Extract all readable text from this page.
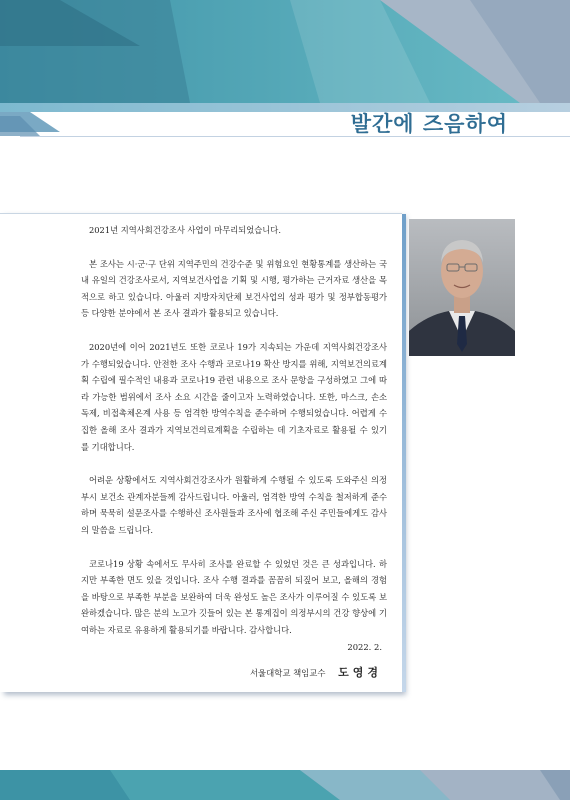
발간에 즈음하여

2021년 지역사회건강조사 사업이 마무리되었습니다.

본 조사는 시·군·구 단위 지역주민의 건강수준 및 위험요인 현황통계를 생산하는 국내 유일의 건강조사로서, 지역보건사업을 기획 및 시행, 평가하는 근거자료 생산을 목적으로 하고 있습니다. 아울러 지방자치단체 보건사업의 성과 평가 및 정부합동평가 등 다양한 분야에서 본 조사 결과가 활용되고 있습니다.

2020년에 이어 2021년도 또한 코로나 19가 지속되는 가운데 지역사회건강조사가 수행되었습니다. 안전한 조사 수행과 코로나19 확산 방지를 위해, 지역보건의료계획 수립에 필수적인 내용과 코로나19 관련 내용으로 조사 문항을 구성하였고 그에 따라 가능한 범위에서 조사 소요 시간을 줄이고자 노력하였습니다. 또한, 마스크, 손소독제, 비접촉체온계 사용 등 엄격한 방역수칙을 준수하며 수행되었습니다. 어렵게 수집한 올해 조사 결과가 지역보건의료계획을 수립하는 데 기초자료로 활용될 수 있기를 기대합니다.

어려운 상황에서도 지역사회건강조사가 원활하게 수행될 수 있도록 도와주신 의정부시 보건소 관계자분들께 감사드립니다. 아울러, 엄격한 방역 수칙을 철저하게 준수하며 묵묵히 설문조사를 수행하신 조사원들과 조사에 협조해 주신 주민들에게도 감사의 말씀을 드립니다.

코로나19 상황 속에서도 무사히 조사를 완료할 수 있었던 것은 큰 성과입니다. 하지만 부족한 면도 있을 것입니다. 조사 수행 결과를 꼼꼼히 되짚어 보고, 올해의 경험을 바탕으로 부족한 부분을 보완하여 더욱 완성도 높은 조사가 이루어질 수 있도록 보완하겠습니다. 많은 분의 노고가 깃들어 있는 본 통계집이 의정부시의 건강 향상에 기여하는 자료로 유용하게 활용되기를 바랍니다. 감사합니다.

2022. 2.
서울대학교 책임교수 도영경
